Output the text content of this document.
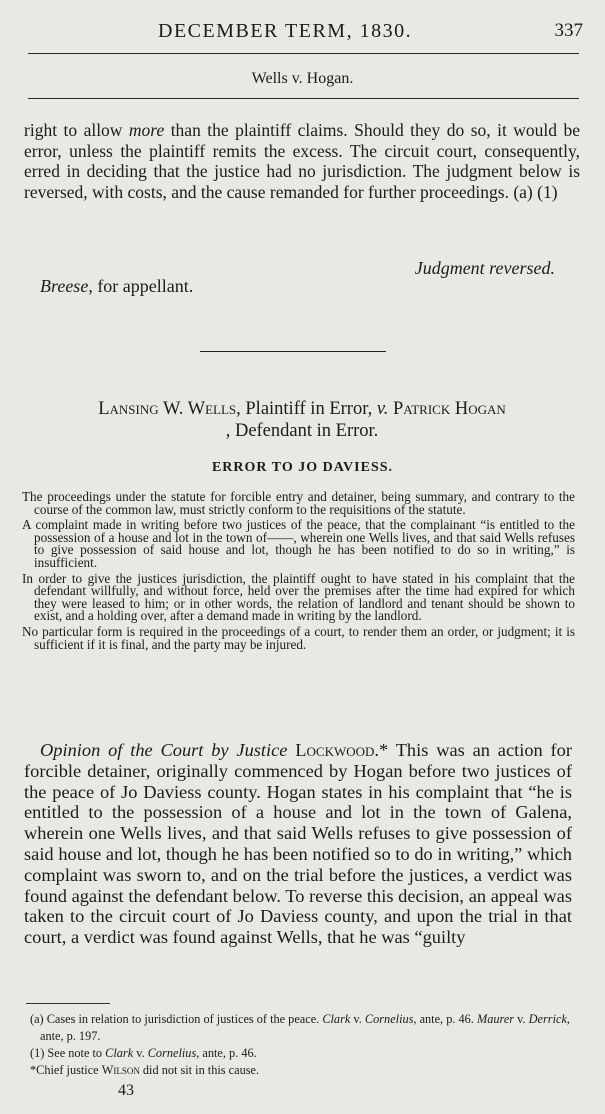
DECEMBER TERM, 1830.	337
Wells v. Hogan.

right to allow more than the plaintiff claims. Should they do so, it would be error, unless the plaintiff remits the excess. The circuit court, consequently, erred in deciding that the justice had no jurisdiction. The judgment below is reversed, with costs, and the cause remanded for further proceedings. (a) (1)

Judgment reversed.
Breese, for appellant.
Lansing W. Wells, Plaintiff in Error, v. Patrick Hogan
, Defendant in Error.
ERROR TO JO DAVIESS.

The proceedings under the statute for forcible entry and detainer, being summary, and contrary to the course of the common law, must strictly conform to the requisitions of the statute.

A complaint made in writing before two justices of the peace, that the complainant “is entitled to the possession of a house and lot in the town of——, wherein one Wells lives, and that said Wells refuses to give possession of said house and lot, though he has been notified to do so in writing,” is insufficient.

In order to give the justices jurisdiction, the plaintiff ought to have stated in his complaint that the defendant willfully, and without force, held over the premises after the time had expired for which they were leased to him; or in other words, the relation of landlord and tenant should be shown to exist, and a holding over, after a demand made in writing by the landlord.

No particular form is required in the proceedings of a court, to render them an order, or judgment; it is sufficient if it is final, and the party may be injured.

Opinion of the Court by Justice Lockwood.* This was an action for forcible detainer, originally commenced by Hogan before two justices of the peace of Jo Daviess county. Hogan states in his complaint that “he is entitled to the possession of a house and lot in the town of Galena, wherein one Wells lives, and that said Wells refuses to give possession of said house and lot, though he has been notified so to do in writing,” which complaint was sworn to, and on the trial before the justices, a verdict was found against the defendant below. To reverse this decision, an appeal was taken to the circuit court of Jo Daviess county, and upon the trial in that court, a verdict was found against Wells, that he was “guilty

(a) Cases in relation to jurisdiction of justices of the peace. Clark v. Cornelius, ante, p. 46. Maurer v. Derrick, ante, p. 197.

(1) See note to Clark v. Cornelius, ante, p. 46.

*Chief justice Wilson did not sit in this cause.

43
